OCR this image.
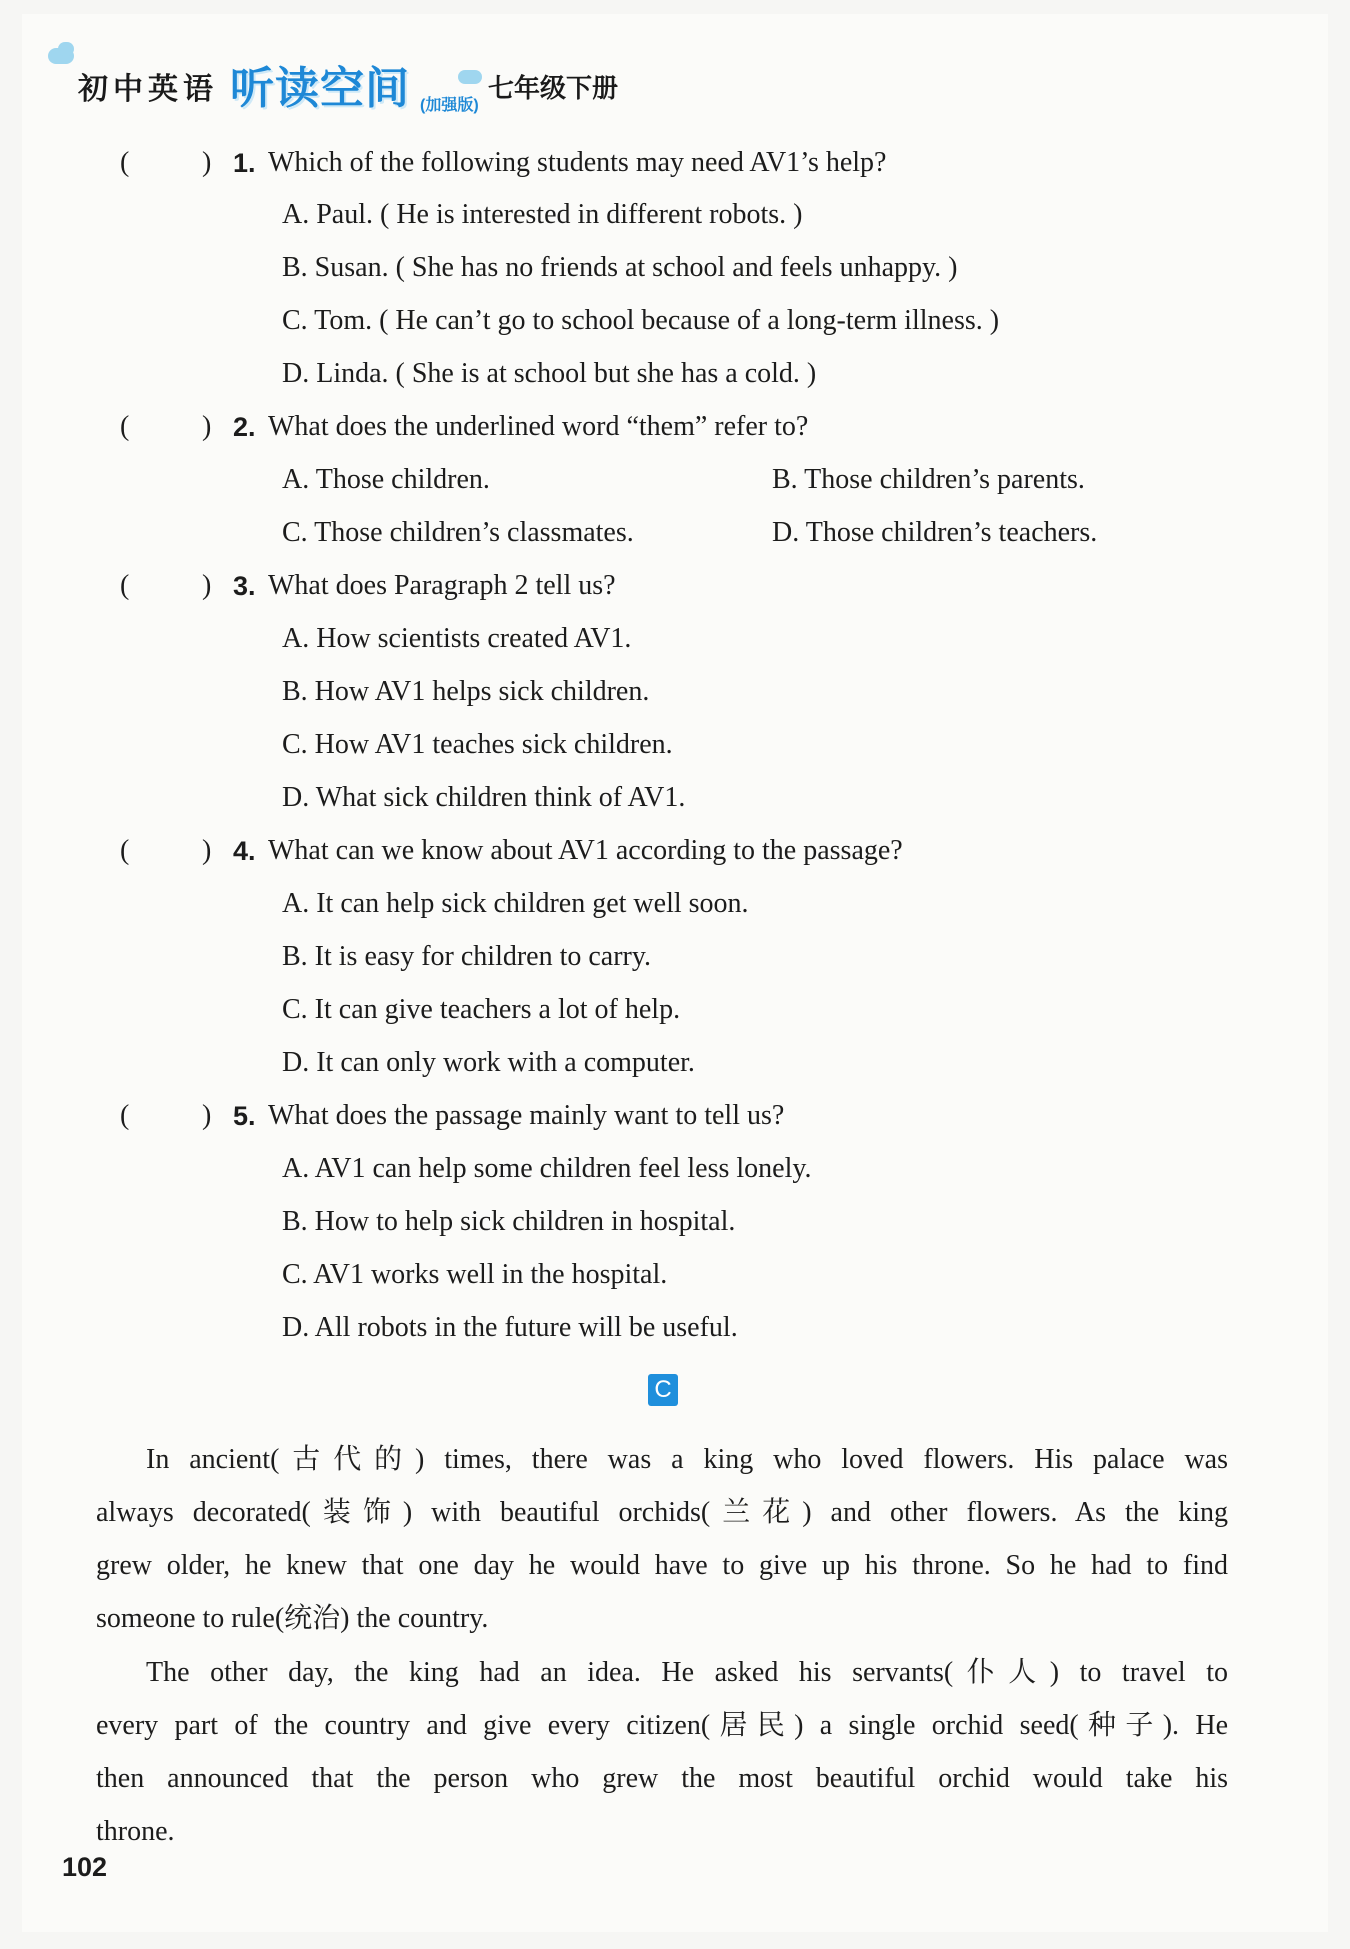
初中英语 听读空间 (加强版)
七年级下册
(	) 1. Which of the following students may need AV1’s help?
A. Paul. ( He is interested in different robots. )
B. Susan. ( She has no friends at school and feels unhappy. )
C. Tom. ( He can’t go to school because of a long-term illness. )
D. Linda. ( She is at school but she has a cold. )
(	) 2. What does the underlined word “them” refer to?
A. Those children.	B. Those children’s parents.
C. Those children’s classmates.	D. Those children’s teachers.
(	) 3. What does Paragraph 2 tell us?
A. How scientists created AV1.
B. How AV1 helps sick children.
C. How AV1 teaches sick children.
D. What sick children think of AV1.
(	) 4. What can we know about AV1 according to the passage?
A. It can help sick children get well soon.
B. It is easy for children to carry.
C. It can give teachers a lot of help.
D. It can only work with a computer.
(	) 5. What does the passage mainly want to tell us?
A. AV1 can help some children feel less lonely.
B. How to help sick children in hospital.
C. AV1 works well in the hospital.
D. All robots in the future will be useful.
C
In ancient(古代的) times, there was a king who loved flowers. His palace was
always decorated(装饰) with beautiful orchids(兰花) and other flowers. As the king
grew older, he knew that one day he would have to give up his throne. So he had to find
someone to rule(统治) the country.
The other day, the king had an idea. He asked his servants(仆人) to travel to
every part of the country and give every citizen(居民) a single orchid seed(种子). He
then announced that the person who grew the most beautiful orchid would take his
throne.
102
